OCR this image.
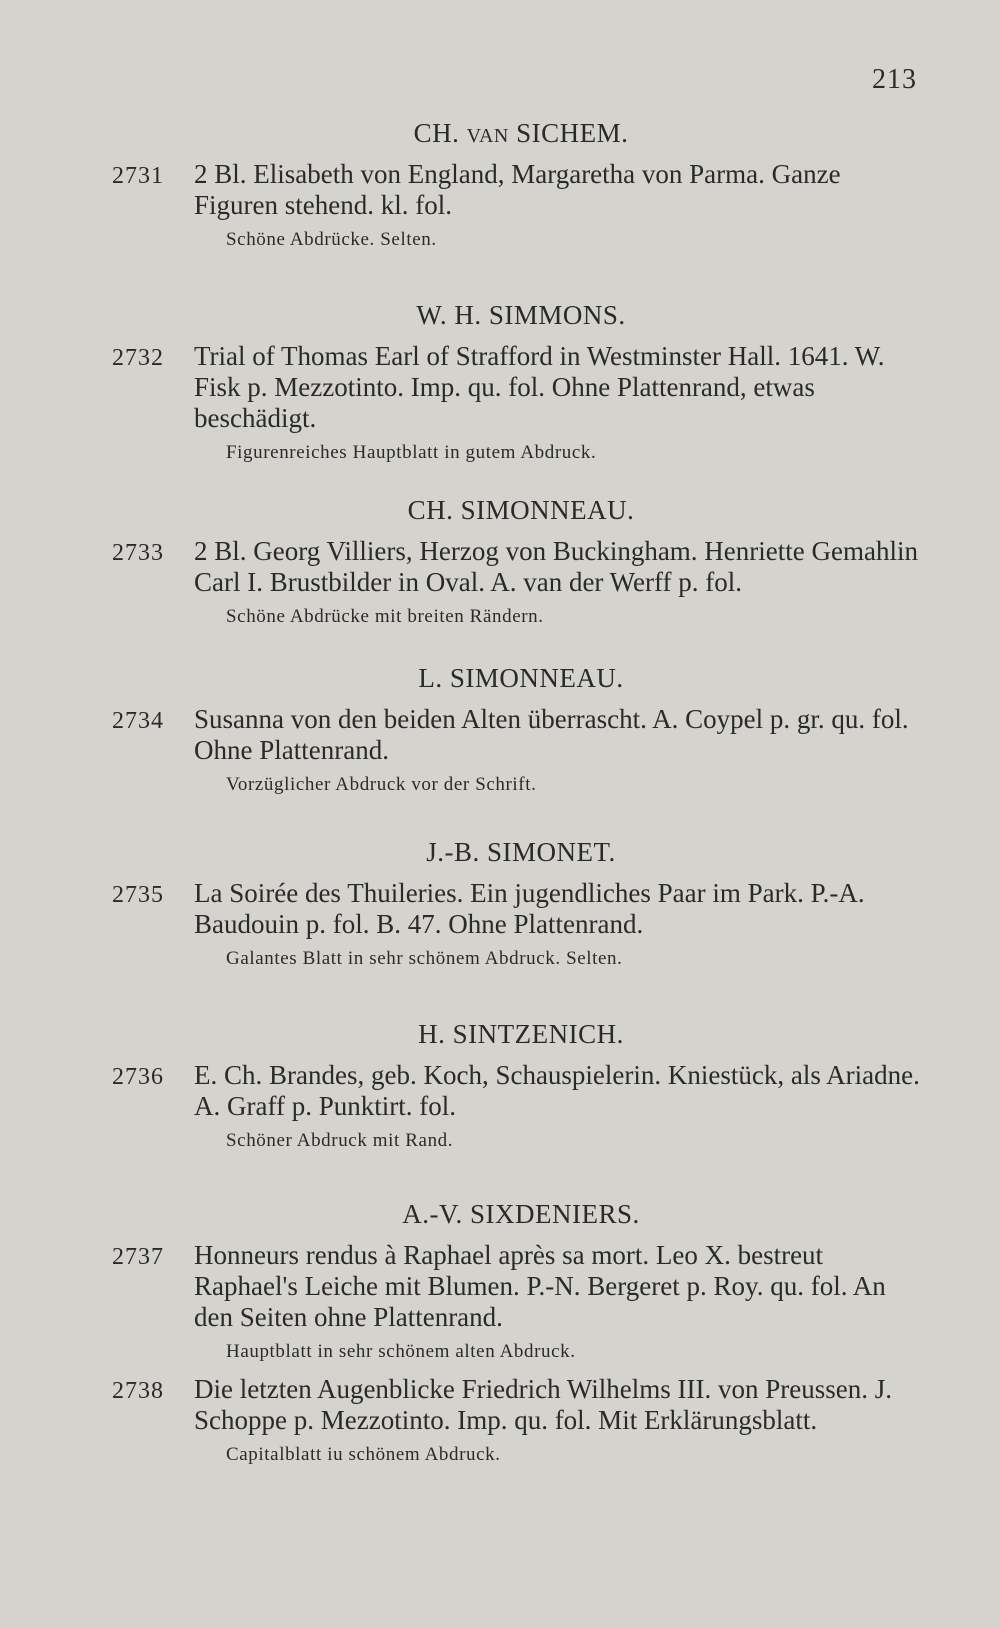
213
CH. VAN SICHEM.
2731 2 Bl. Elisabeth von England, Margaretha von Parma. Ganze Figuren stehend. kl. fol.
Schöne Abdrücke. Selten.
W. H. SIMMONS.
2732 Trial of Thomas Earl of Strafford in Westminster Hall. 1641. W. Fisk p. Mezzotinto. Imp. qu. fol. Ohne Plattenrand, etwas beschädigt.
Figurenreiches Hauptblatt in gutem Abdruck.
CH. SIMONNEAU.
2733 2 Bl. Georg Villiers, Herzog von Buckingham. Henriette Gemahlin Carl I. Brustbilder in Oval. A. van der Werff p. fol.
Schöne Abdrücke mit breiten Rändern.
L. SIMONNEAU.
2734 Susanna von den beiden Alten überrascht. A. Coypel p. gr. qu. fol. Ohne Plattenrand.
Vorzüglicher Abdruck vor der Schrift.
J.-B. SIMONET.
2735 La Soirée des Thuileries. Ein jugendliches Paar im Park. P.-A. Baudouin p. fol. B. 47. Ohne Plattenrand.
Galantes Blatt in sehr schönem Abdruck. Selten.
H. SINTZENICH.
2736 E. Ch. Brandes, geb. Koch, Schauspielerin. Kniestück, als Ariadne. A. Graff p. Punktirt. fol.
Schöner Abdruck mit Rand.
A.-V. SIXDENIERS.
2737 Honneurs rendus à Raphael après sa mort. Leo X. bestreut Raphael's Leiche mit Blumen. P.-N. Bergeret p. Roy. qu. fol. An den Seiten ohne Plattenrand.
Hauptblatt in sehr schönem alten Abdruck.
2738 Die letzten Augenblicke Friedrich Wilhelms III. von Preussen. J. Schoppe p. Mezzotinto. Imp. qu. fol. Mit Erklärungsblatt.
Capitalblatt iu schönem Abdruck.
